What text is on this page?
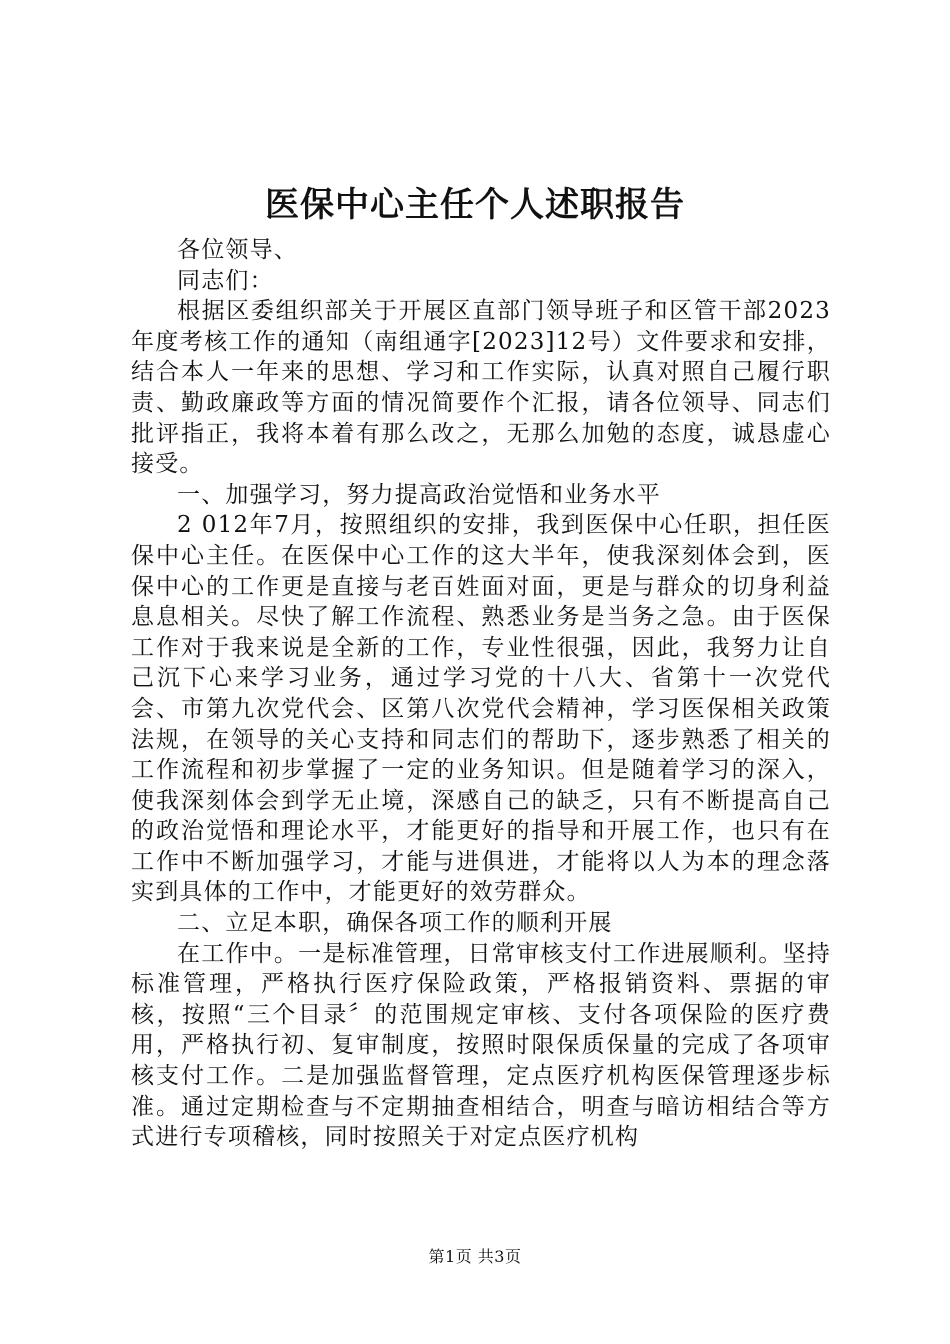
医保中心主任个人述职报告

各位领导、

同志们：

根据区委组织部关于开展区直部门领导班子和区管干部2023年度考核工作的通知（南组通字[2023]12号）文件要求和安排，结合本人一年来的思想、学习和工作实际，认真对照自己履行职责、勤政廉政等方面的情况简要作个汇报，请各位领导、同志们批评指正，我将本着有那么改之，无那么加勉的态度，诚恳虚心接受。

一、加强学习，努力提高政治觉悟和业务水平

2 012年7月，按照组织的安排，我到医保中心任职，担任医保中心主任。在医保中心工作的这大半年，使我深刻体会到，医保中心的工作更是直接与老百姓面对面，更是与群众的切身利益息息相关。尽快了解工作流程、熟悉业务是当务之急。由于医保工作对于我来说是全新的工作，专业性很强，因此，我努力让自己沉下心来学习业务，通过学习党的十八大、省第十一次党代会、市第九次党代会、区第八次党代会精神，学习医保相关政策法规，在领导的关心支持和同志们的帮助下，逐步熟悉了相关的工作流程和初步掌握了一定的业务知识。但是随着学习的深入，使我深刻体会到学无止境，深感自己的缺乏，只有不断提高自己的政治觉悟和理论水平，才能更好的指导和开展工作，也只有在工作中不断加强学习，才能与进俱进，才能将以人为本的理念落实到具体的工作中，才能更好的效劳群众。

二、立足本职，确保各项工作的顺利开展

在工作中。一是标准管理，日常审核支付工作进展顺利。坚持标准管理，严格执行医疗保险政策，严格报销资料、票据的审核，按照“三个目录〞的范围规定审核、支付各项保险的医疗费用，严格执行初、复审制度，按照时限保质保量的完成了各项审核支付工作。二是加强监督管理，定点医疗机构医保管理逐步标准。通过定期检查与不定期抽查相结合，明查与暗访相结合等方式进行专项稽核，同时按照关于对定点医疗机构

第1页 共3页
